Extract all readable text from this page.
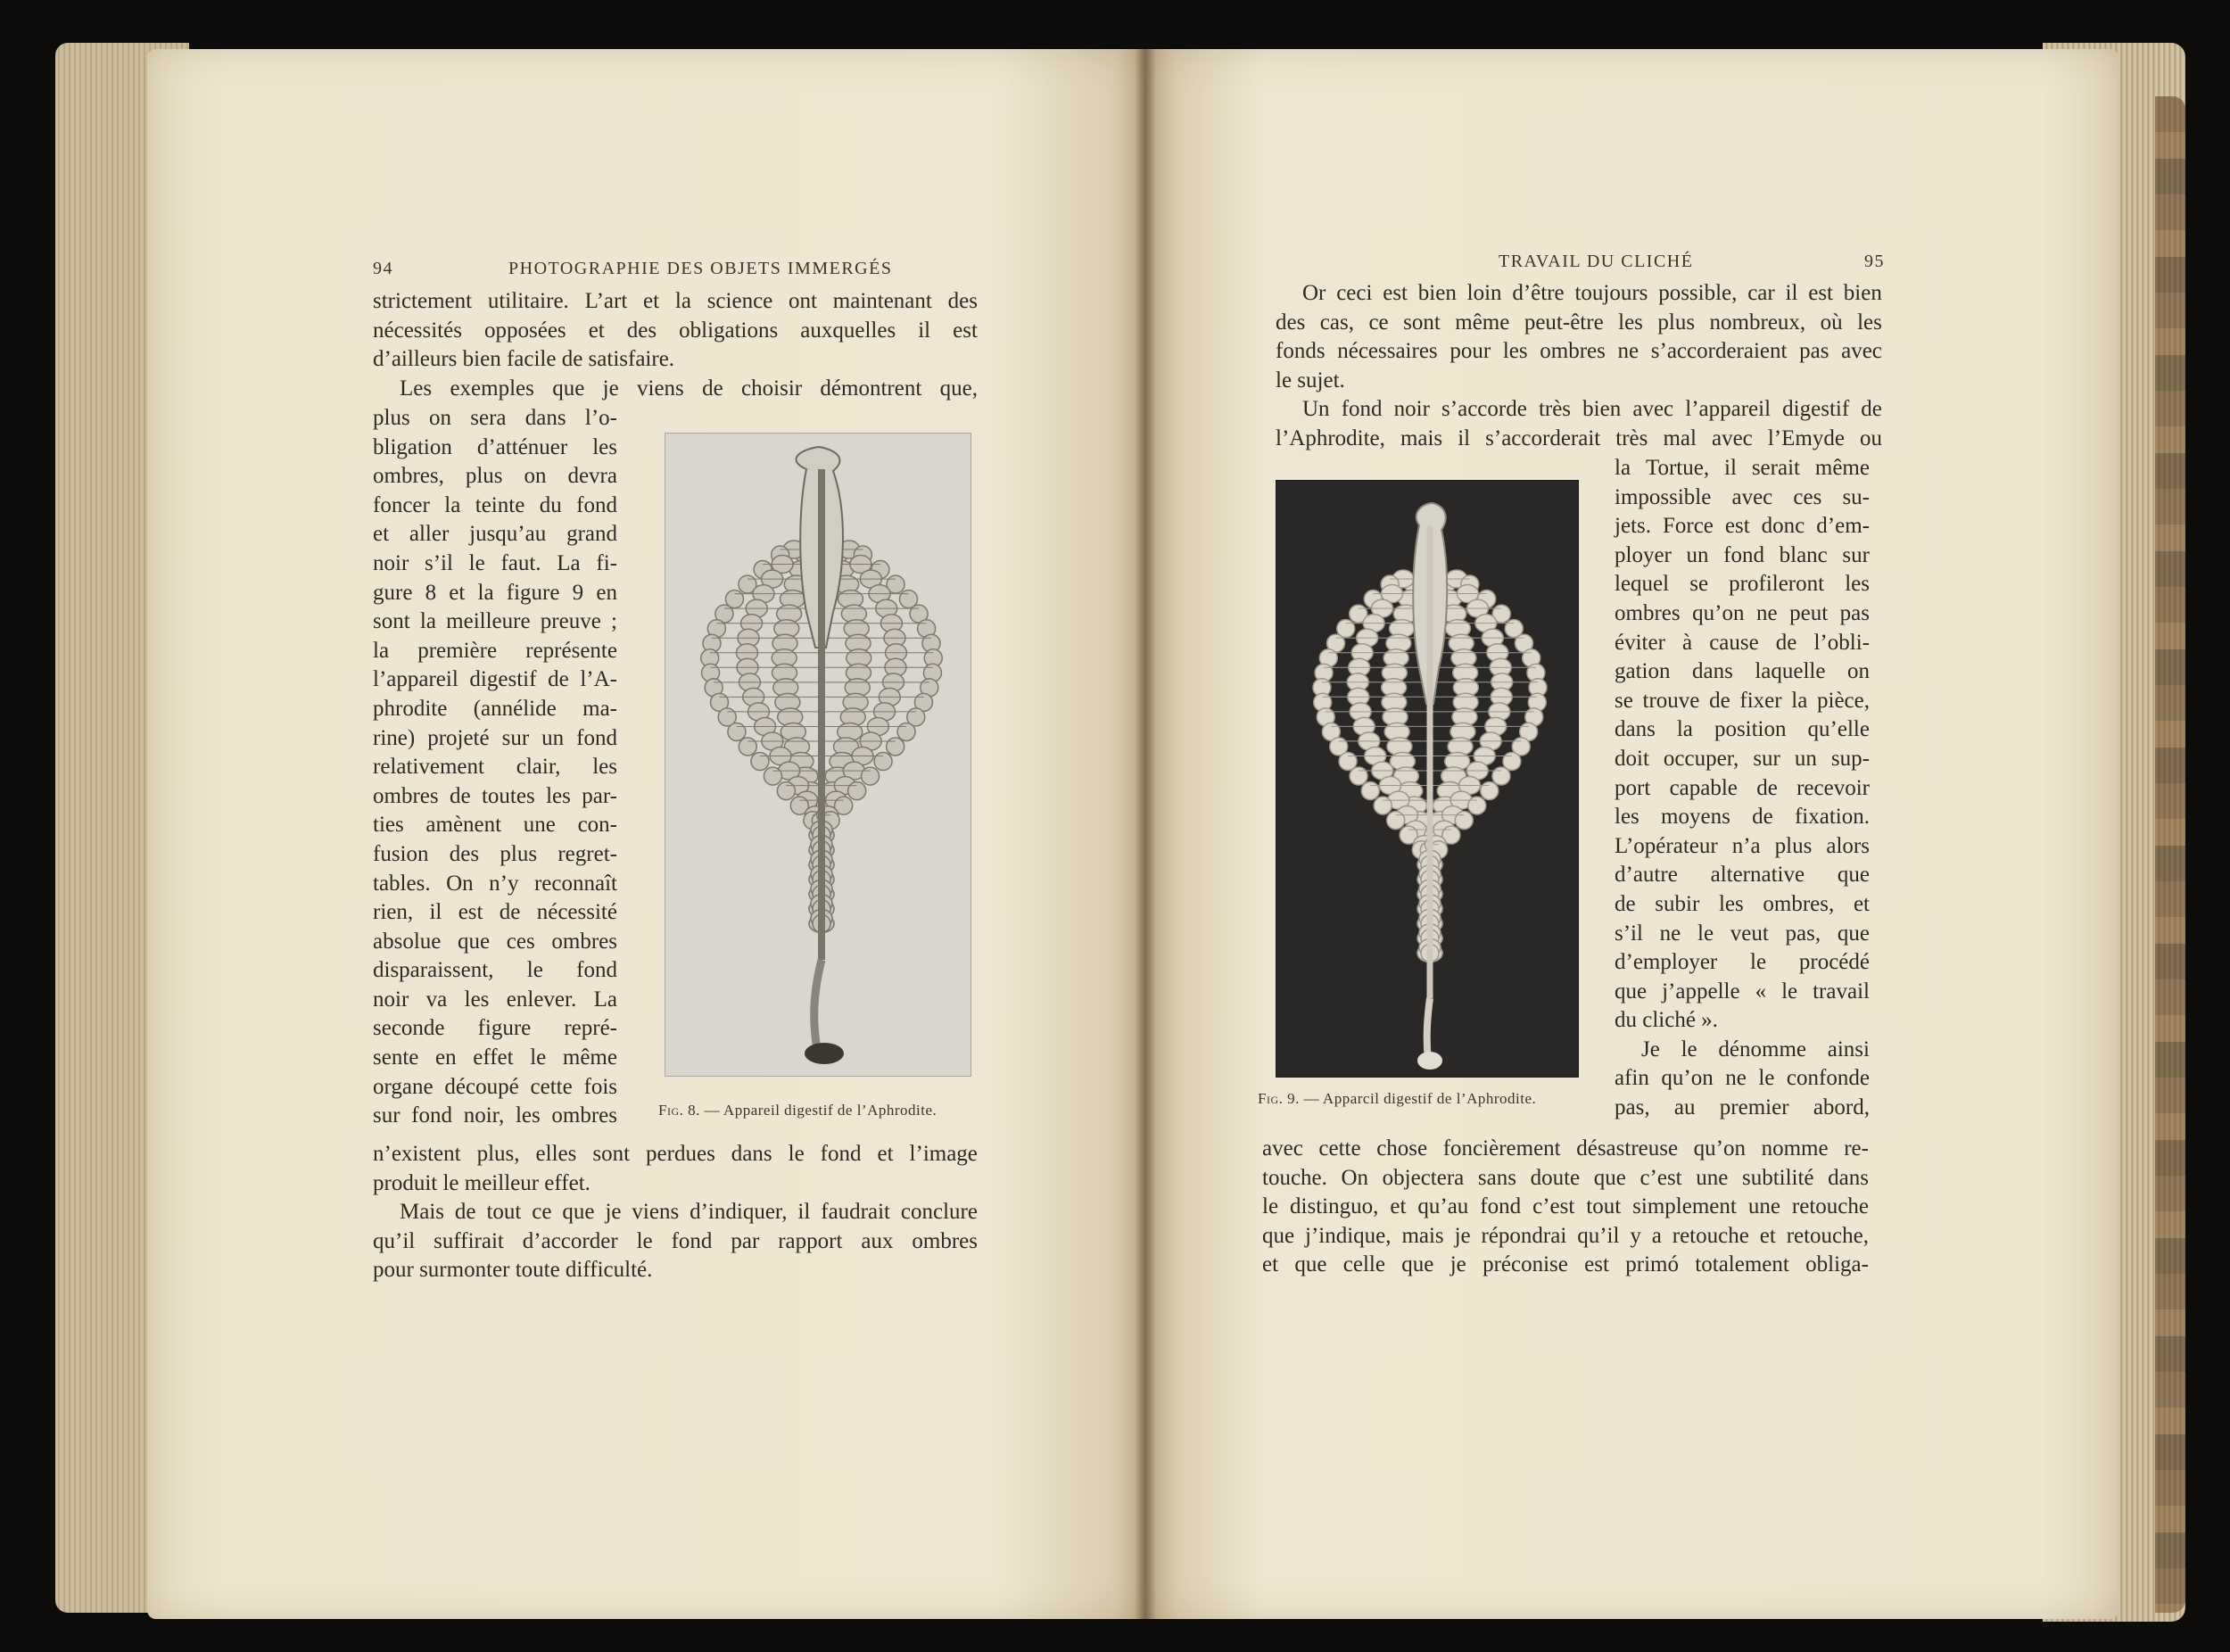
94	PHOTOGRAPHIE DES OBJETS IMMERGÉS
strictement utilitaire. L’art et la science ont maintenant des
nécessités opposées et des obligations auxquelles il est
d’ailleurs bien facile de satisfaire.
Les exemples que je viens de choisir démontrent que,
plus on sera dans l’o-
bligation d’atténuer les
ombres, plus on devra
foncer la teinte du fond
et aller jusqu’au grand
noir s’il le faut. La fi-
gure 8 et la figure 9 en
sont la meilleure preuve ;
la première représente
l’appareil digestif de l’A-
phrodite (annélide ma-
rine) projeté sur un fond
relativement clair, les
ombres de toutes les par-
ties amènent une con-
fusion des plus regret-
tables. On n’y reconnaît
rien, il est de nécessité
absolue que ces ombres
disparaissent, le fond
noir va les enlever. La
seconde figure repré-
sente en effet le même
organe découpé cette fois
sur fond noir, les ombres	Fig. 8. — Appareil digestif de l’Aphrodite.
n’existent plus, elles sont perdues dans le fond et l’image
produit le meilleur effet.
Mais de tout ce que je viens d’indiquer, il faudrait conclure
qu’il suffirait d’accorder le fond par rapport aux ombres
pour surmonter toute difficulté.
TRAVAIL DU CLICHÉ	95
Or ceci est bien loin d’être toujours possible, car il est bien
des cas, ce sont même peut-être les plus nombreux, où les
fonds nécessaires pour les ombres ne s’accorderaient pas avec
le sujet.
Un fond noir s’accorde très bien avec l’appareil digestif de
l’Aphrodite, mais il s’accorderait très mal avec l’Emyde ou
Fig. 9. — Apparcil digestif de l’Aphrodite.
la Tortue, il serait même
impossible avec ces su-
jets. Force est donc d’em-
ployer un fond blanc sur
lequel se profileront les
ombres qu’on ne peut pas
éviter à cause de l’obli-
gation dans laquelle on
se trouve de fixer la pièce,
dans la position qu’elle
doit occuper, sur un sup-
port capable de recevoir
les moyens de fixation.
L’opérateur n’a plus alors
d’autre alternative que
de subir les ombres, et
s’il ne le veut pas, que
d’employer le procédé
que j’appelle « le travail
du cliché ».
Je le dénomme ainsi
afin qu’on ne le confonde
pas, au premier abord,
avec cette chose foncièrement désastreuse qu’on nomme re-
touche. On objectera sans doute que c’est une subtilité dans
le distinguo, et qu’au fond c’est tout simplement une retouche
que j’indique, mais je répondrai qu’il y a retouche et retouche,
et que celle que je préconise est primó totalement obliga-
